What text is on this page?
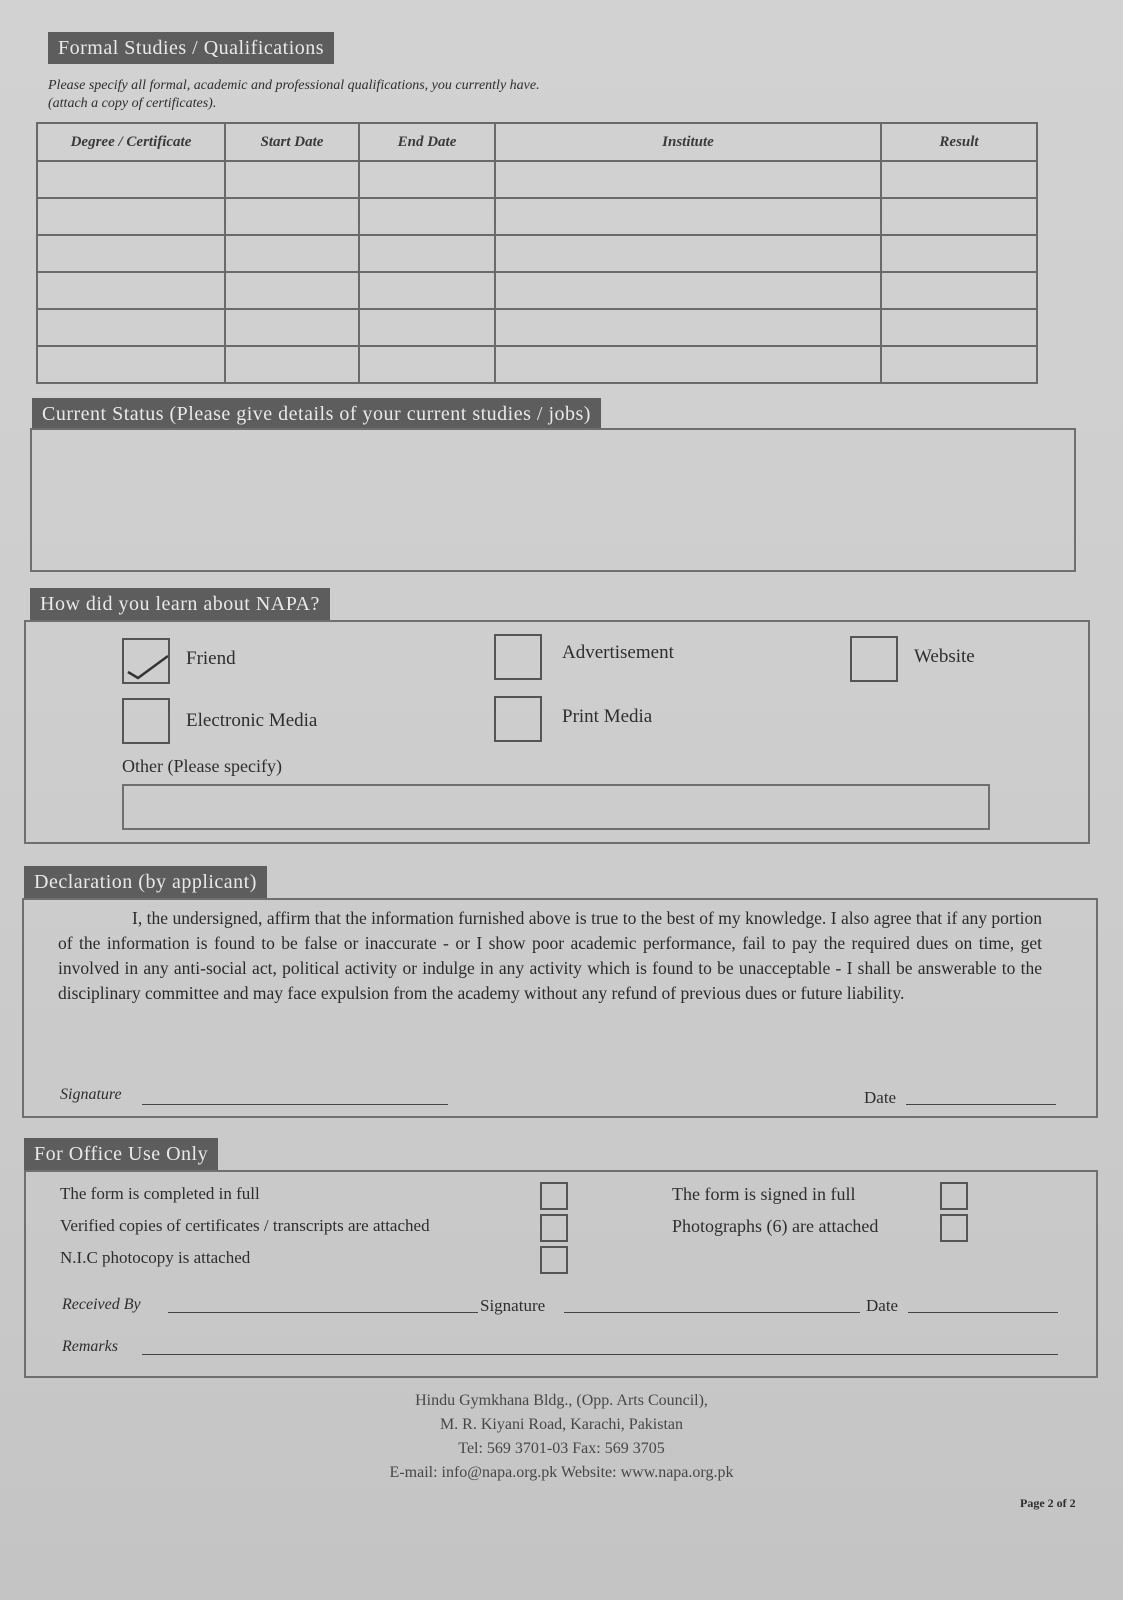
Formal Studies / Qualifications
Please specify all formal, academic and professional qualifications, you currently have.
(attach a copy of certificates).
Degree / Certificate	Start Date	End Date	Institute	Result

Current Status (Please give details of your current studies / jobs)
How did you learn about NAPA?
Friend	Advertisement	Website
Electronic Media	Print Media
Other (Please specify)
Declaration (by applicant)
I, the undersigned, affirm that the information furnished above is true to the best of my knowledge. I also agree that if any portion of the information is found to be false or inaccurate - or I show poor academic performance, fail to pay the required dues on time, get involved in any anti-social act, political activity or indulge in any activity which is found to be unacceptable - I shall be answerable to the disciplinary committee and may face expulsion from the academy without any refund of previous dues or future liability.
Signature	Date
For Office Use Only
The form is completed in full
Verified copies of certificates / transcripts are attached
N.I.C photocopy is attached
The form is signed in full
Photographs (6) are attached
Received By	Signature	Date
Remarks
Hindu Gymkhana Bldg., (Opp. Arts Council),
M. R. Kiyani Road, Karachi, Pakistan
Tel: 569 3701-03 Fax: 569 3705
E-mail: info@napa.org.pk Website: www.napa.org.pk
Page 2 of 2
